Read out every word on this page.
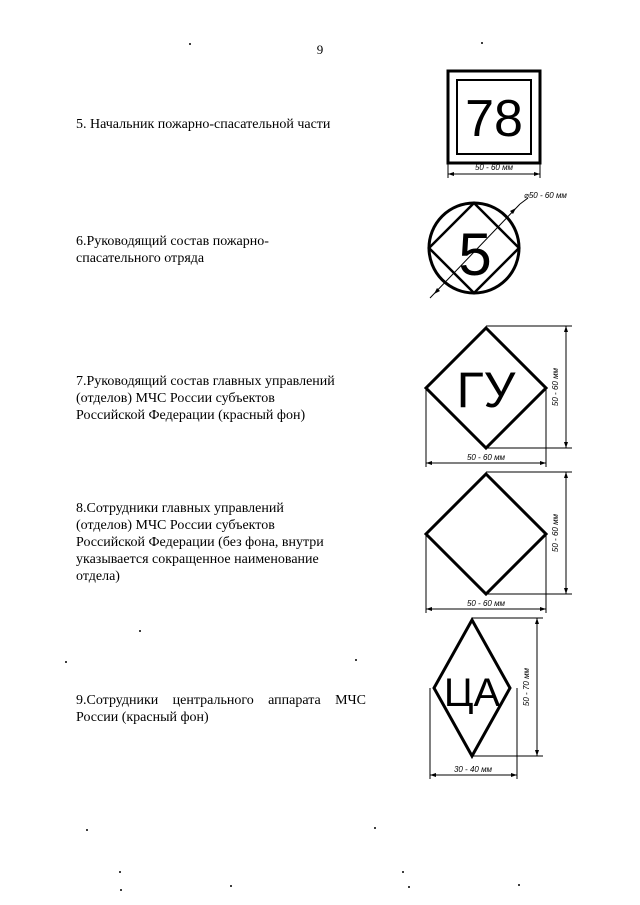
9
5. Начальник пожарно-спасательной части	78
50 - 60 мм
6.Руководящий состав пожарно-
спасательного отряда	5
⌀50 - 60 мм
7.Руководящий состав главных управлений
(отделов) МЧС России субъектов
Российской Федерации (красный фон)	ГУ	50 - 60 мм
50 - 60 мм
8.Сотрудники главных управлений
(отделов) МЧС России субъектов
Российской Федерации (без фона, внутри
указывается сокращенное наименование
отдела)
50 - 60 мм
50 - 60 мм
9.Сотрудники центрального аппарата МЧС
России (красный фон)
ЦА	50 - 70 мм
30 - 40 мм
